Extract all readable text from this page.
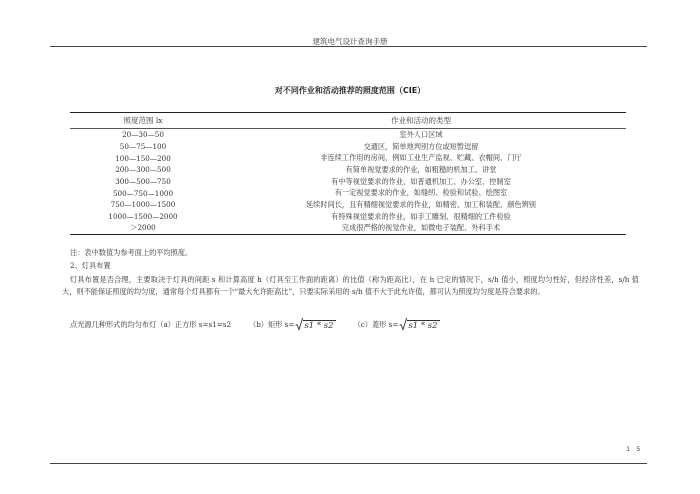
建筑电气设计查询手册
对不同作业和活动推荐的照度范围（CIE）
照度范围 lx	作业和活动的类型
20—30—50	室外人口区域
50—75—100	交通区，简单地判别方位或短暂逗留
100—150—200	非连续工作用的房间，例如工业生产监视、贮藏、衣帽间、门厅
200—300—500	有简单视觉要求的作业，如粗糙的机加工、讲堂
300—500—750	有中等视觉要求的作业，如普通机加工、办公室、控制室
500—750—1000	有一定视觉要求的作业，如缝纫、检验和试验、绘图室
750—1000—1500	延续时间长，且有精细视觉要求的作业，如精密、加工和装配、颜色辨别
1000—1500—2000	有特殊视觉要求的作业，如手工雕刻、很精细的工件检验
＞2000	完成很严格的视觉作业，如微电子装配、外科手术
注：表中数值为参考面上的平均照度。
2、灯具布置
灯具布置是否合理，主要取决于灯具的间距 s 和计算高度 h（灯具至工作面的距离）的比值（称为距高比），在 h 已定的情况下，s/h 值小，照度均匀性好，但经济性差，s/h 值大，则不能保证照度的均匀度，通常每个灯具都有一个“最大允许距高比”，只要实际采用的 s/h 值不大于此允许值，都可认为照度均匀度是符合要求的。
点光源几种形式的均匀布灯（a）正方形 s=s1=s2	（b）矩形 s= s1 * s2	（c）菱形 s= s1 * s2
1 5
